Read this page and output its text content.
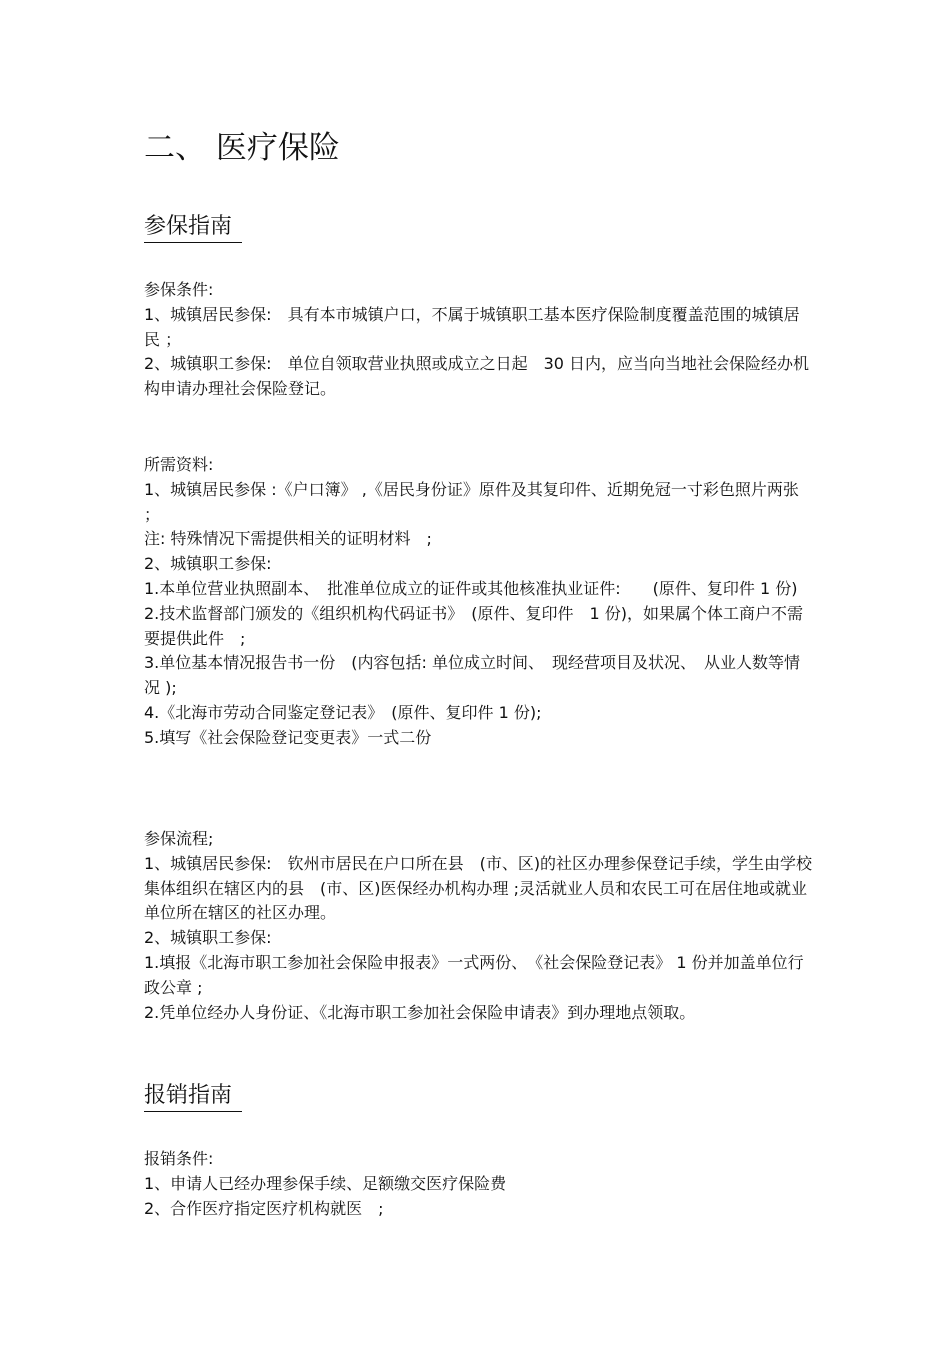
二、 医疗保险
参保指南

参保条件:

1、城镇居民参保:　具有本市城镇户口，不属于城镇职工基本医疗保险制度覆盖范围的城镇居民 ；

2、城镇职工参保:　单位自领取营业执照或成立之日起　30 日内，应当向当地社会保险经办机构申请办理社会保险登记。

所需资料:

1、城镇居民参保 :《户口簿》 ,《居民身份证》原件及其复印件、近期免冠一寸彩色照片两张 ；

注: 特殊情况下需提供相关的证明材料　;

2、城镇职工参保:

1.本单位营业执照副本、　批准单位成立的证件或其他核准执业证件:　　(原件、复印件 1 份)

2.技术监督部门颁发的《组织机构代码证书》　(原件、复印件　1 份)，如果属个体工商户不需要提供此件　;

3.单位基本情况报告书一份　(内容包括: 单位成立时间、　现经营项目及状况、　从业人数等情况 );

4.《北海市劳动合同鉴定登记表》　(原件、复印件 1 份);

5.填写《社会保险登记变更表》一式二份

参保流程;

1、城镇居民参保:　钦州市居民在户口所在县　(市、区)的社区办理参保登记手续，学生由学校集体组织在辖区内的县　(市、区)医保经办机构办理 ;灵活就业人员和农民工可在居住地或就业单位所在辖区的社区办理。

2、城镇职工参保:

1.填报《北海市职工参加社会保险申报表》一式两份、　《社会保险登记表》 1 份并加盖单位行政公章 ;

2.凭单位经办人身份证、《北海市职工参加社会保险申请表》到办理地点领取。

报销指南

报销条件:

1、申请人已经办理参保手续、足额缴交医疗保险费

2、合作医疗指定医疗机构就医　;
